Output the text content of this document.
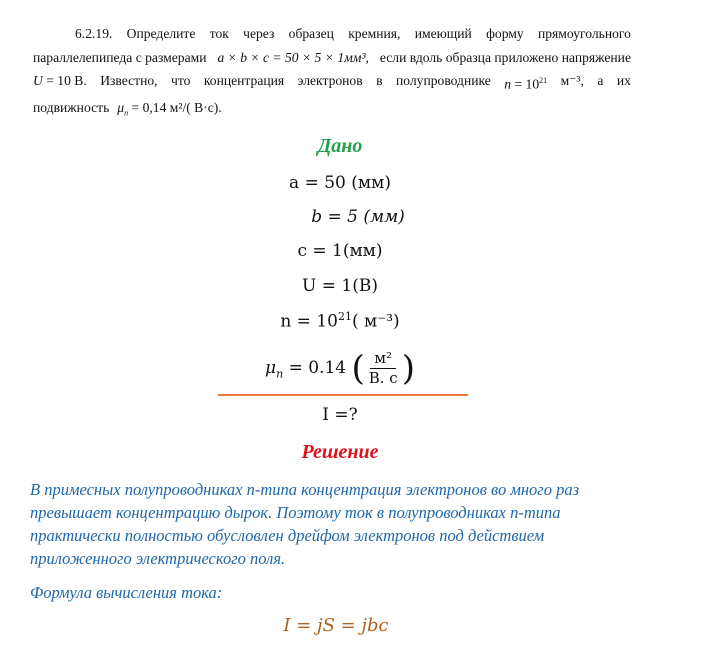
6.2.19. Определите ток через образец кремния, имеющий форму прямоугольного
параллелепипеда с размерами a × b × c = 50 × 5 × 1мм³, если вдоль образца приложено напряжение
U = 10 В. Известно, что концентрация электронов в полупроводнике $n = 10^{21}$ м⁻³, а их
подвижность $\mu_n = 0,14$ м²/( В·с).
Дано
a = 50 (мм)
b = 5 (мм)
c = 1(мм)
U = 1(В)
$n = 10^{21}$( м⁻³)
$\mu_n = 0.14$ ( $\frac{\text{м²}}{В. с}$ )
I =?
Решение
В примесных полупроводниках n-типа концентрация электронов во много раз
превышает концентрацию дырок. Поэтому ток в полупроводниках n-типа
практически полностью обусловлен дрейфом электронов под действием
приложенного электрического поля.
Формула вычисления тока:
I = jS = jbc
